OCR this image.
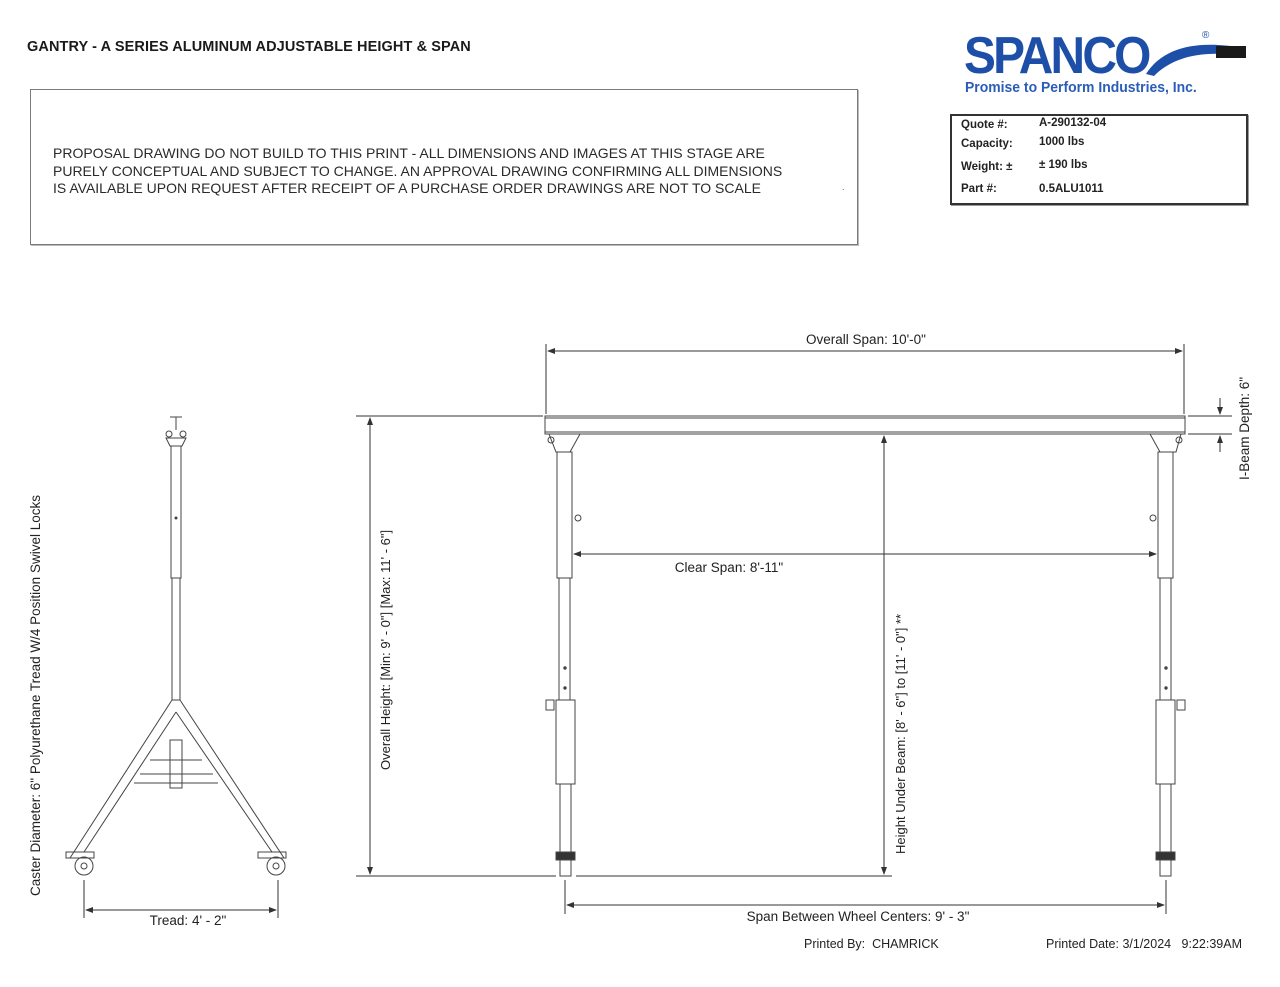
GANTRY - A SERIES ALUMINUM ADJUSTABLE HEIGHT & SPAN
PROPOSAL DRAWING DO NOT BUILD TO THIS PRINT - ALL DIMENSIONS AND IMAGES AT THIS STAGE ARE
PURELY CONCEPTUAL AND SUBJECT TO CHANGE. AN APPROVAL DRAWING CONFIRMING ALL DIMENSIONS
IS AVAILABLE UPON REQUEST AFTER RECEIPT OF A PURCHASE ORDER DRAWINGS ARE NOT TO SCALE	.
SPANCO	®
Promise to Perform Industries, Inc.
Quote #:	A-290132-04
Capacity: 1000 lbs
Weight: ± ± 190 lbs
Part #:	0.5ALU1011
Tread: 4' - 2"
Caster Diameter: 6" Polyurethane Tread W/4 Position Swivel Locks
Overall Span: 10'-0"
I-Beam Depth: 6"
Clear Span: 8'-11"
Overall Height: [Min: 9' - 0"] [Max: 11' - 6"]	Height Under Beam: [8' - 6"] to [11' - 0"] **
Span Between Wheel Centers: 9' - 3"
Printed By: CHAMRICK	Printed Date: 3/1/2024 9:22:39AM
